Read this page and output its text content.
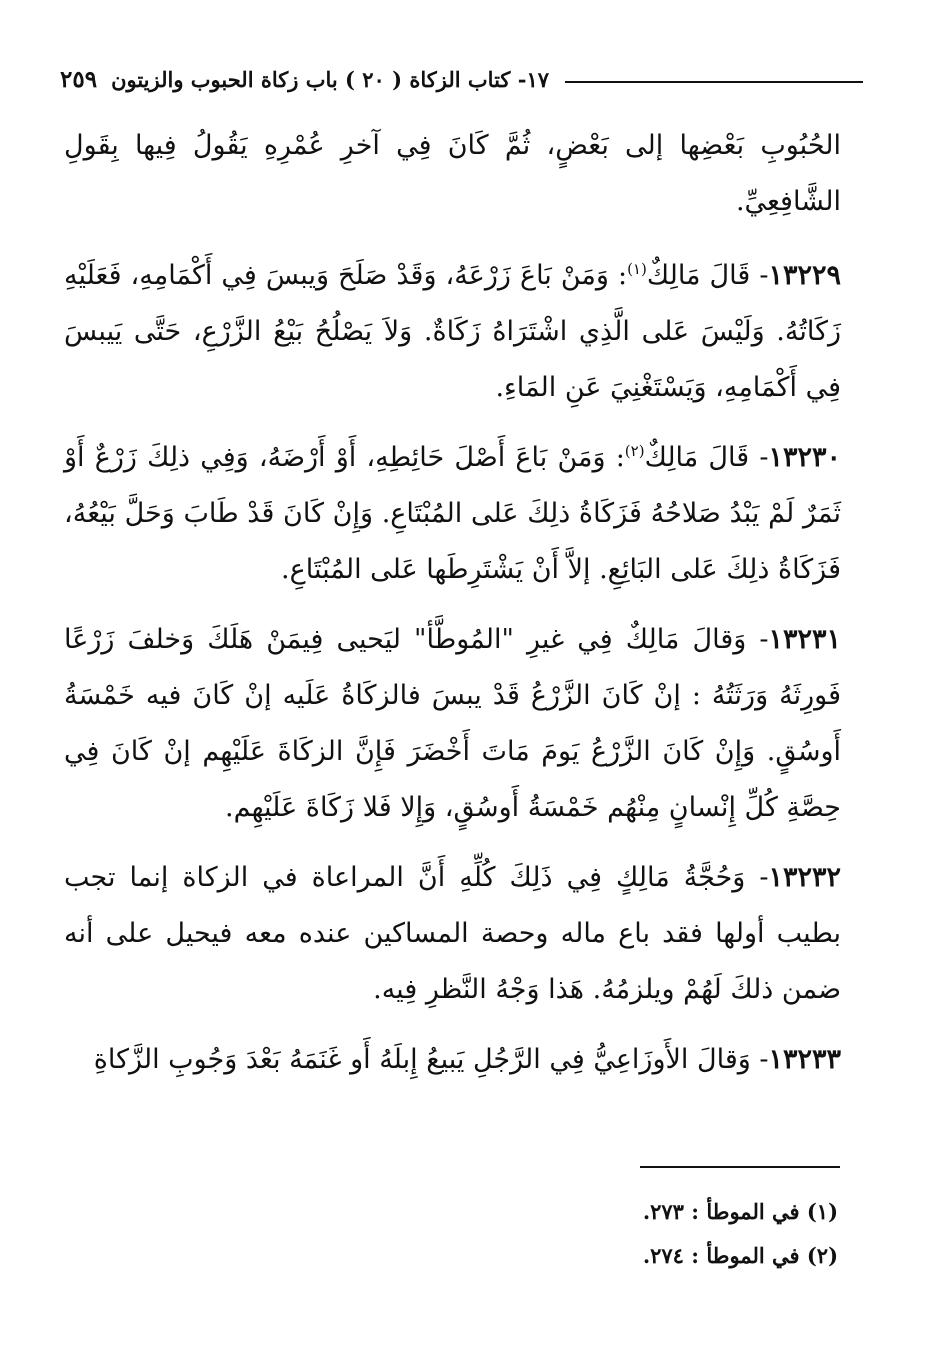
٢٥٩ ١٧- كتاب الزكاة ( ٢٠ ) باب زكاة الحبوب والزيتون

الحُبُوبِ بَعْضِها إلى بَعْضٍ، ثُمَّ كَانَ فِي آخرِ عُمْرِهِ يَقُولُ فِيها بِقَولِ الشَّافِعِيِّ.

١٣٢٢٩- قَالَ مَالِكٌ$^{(١)}$: وَمَنْ بَاعَ زَرْعَهُ، وَقَدْ صَلَحَ وَيبسَ فِي أَكْمَامِهِ، فَعَلَيْهِ زَكَاتُهُ. وَلَيْسَ عَلى الَّذِي اشْتَرَاهُ زَكَاةٌ. وَلاَ يَصْلُحُ بَيْعُ الزَّرْعِ، حَتَّى يَيبسَ فِي أَكْمَامِهِ، وَيَسْتَغْنِيَ عَنِ المَاءِ.

١٣٢٣٠- قَالَ مَالِكٌ$^{(٢)}$: وَمَنْ بَاعَ أَصْلَ حَائِطِهِ، أَوْ أَرْضَهُ، وَفِي ذلِكَ زَرْعٌ أَوْ ثَمَرٌ لَمْ يَبْدُ صَلاحُهُ فَزَكَاةُ ذلِكَ عَلى المُبْتَاعِ. وَإِنْ كَانَ قَدْ طَابَ وَحَلَّ بَيْعُهُ، فَزَكَاةُ ذلِكَ عَلى البَائِعِ. إلاَّ أَنْ يَشْتَرِطَها عَلى المُبْتَاعِ.

١٣٢٣١- وَقالَ مَالِكٌ فِي غيرِ "المُوطَّأ" ليَحيى فِيمَنْ هَلَكَ وَخلفَ زَرْعًا فَورِثَهُ وَرَثَتُهُ : إنْ كَانَ الزَّرْعُ قَدْ يبسَ فالزكَاةُ عَلَيه إنْ كَانَ فيه خَمْسَةُ أَوسُقٍ. وَإِنْ كَانَ الزَّرْعُ يَومَ مَاتَ أَخْضَرَ فَإِنَّ الزكَاةَ عَلَيْهِم إنْ كَانَ فِي حِصَّةِ كُلِّ إِنْسانٍ مِنْهُم خَمْسَةُ أَوسُقٍ، وَإِلا فَلا زَكَاةَ عَلَيْهِم.

١٣٢٣٢- وَحُجَّةُ مَالِكٍ فِي ذَلِكَ كُلِّهِ أَنَّ المراعاة في الزكاة إنما تجب بطيب أولها فقد باع ماله وحصة المساكين عنده معه فيحيل على أنه ضمن ذلكَ لَهُمْ ويلزمُهُ. هَذا وَجْهُ النَّظرِ فِيه.

١٣٢٣٣- وَقالَ الأَوزَاعِيُّ فِي الرَّجُلِ يَبيعُ إِبلَهُ أَو غَنَمَهُ بَعْدَ وَجُوبِ الزَّكاةِ

(١) في الموطأ : ٢٧٣.
(٢) في الموطأ : ٢٧٤.
